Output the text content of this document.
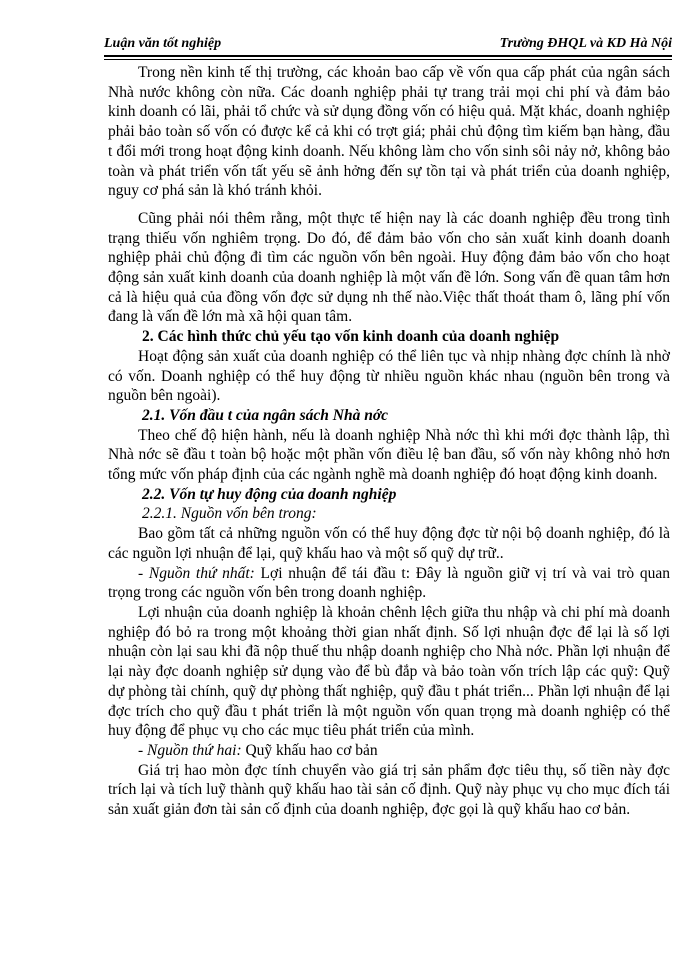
Luận văn tốt nghiệp	Trường ĐHQL và KD Hà Nội

Trong nền kinh tế thị trường, các khoản bao cấp về vốn qua cấp phát của ngân sách Nhà nước không còn nữa. Các doanh nghiệp phải tự trang trải mọi chi phí và đảm bảo kinh doanh có lãi, phải tổ chức và sử dụng đồng vốn có hiệu quả. Mặt khác, doanh nghiệp phải bảo toàn số vốn có được kể cả khi có trợt giá; phải chủ động tìm kiếm bạn hàng, đầu t đổi mới trong hoạt động kinh doanh. Nếu không làm cho vốn sinh sôi nảy nở, không bảo toàn và phát triển vốn tất yếu sẽ ảnh hởng đến sự tồn tại và phát triển của doanh nghiệp, nguy cơ phá sản là khó tránh khỏi.

Cũng phải nói thêm rằng, một thực tế hiện nay là các doanh nghiệp đều trong tình trạng thiếu vốn nghiêm trọng. Do đó, để đảm bảo vốn cho sản xuất kinh doanh doanh nghiệp phải chủ động đi tìm các nguồn vốn bên ngoài. Huy động đảm bảo vốn cho hoạt động sản xuất kinh doanh của doanh nghiệp là một vấn đề lớn. Song vấn đề quan tâm hơn cả là hiệu quả của đồng vốn đợc sử dụng nh thế nào.Việc thất thoát tham ô, lãng phí vốn đang là vấn đề lớn mà xã hội quan tâm.

2. Các hình thức chủ yếu tạo vốn kinh doanh của doanh nghiệp

Hoạt động sản xuất của doanh nghiệp có thể liên tục và nhịp nhàng đợc chính là nhờ có vốn. Doanh nghiệp có thể huy động từ nhiều nguồn khác nhau (nguồn bên trong và nguồn bên ngoài).

2.1. Vốn đầu t của ngân sách Nhà nớc

Theo chế độ hiện hành, nếu là doanh nghiệp Nhà nớc thì khi mới đợc thành lập, thì Nhà nớc sẽ đầu t toàn bộ hoặc một phần vốn điều lệ ban đầu, số vốn này không nhỏ hơn tổng mức vốn pháp định của các ngành nghề mà doanh nghiệp đó hoạt động kinh doanh.

2.2. Vốn tự huy động của doanh nghiệp

2.2.1. Nguồn vốn bên trong:

Bao gồm tất cả những nguồn vốn có thể huy động đợc từ nội bộ doanh nghiệp, đó là các nguồn lợi nhuận để lại, quỹ khấu hao và một số quỹ dự trữ..

- Nguồn thứ nhất: Lợi nhuận để tái đầu t: Đây là nguồn giữ vị trí và vai trò quan trọng trong các nguồn vốn bên trong doanh nghiệp.

Lợi nhuận của doanh nghiệp là khoản chênh lệch giữa thu nhập và chi phí mà doanh nghiệp đó bỏ ra trong một khoảng thời gian nhất định. Số lợi nhuận đợc để lại là số lợi nhuận còn lại sau khi đã nộp thuế thu nhập doanh nghiệp cho Nhà nớc. Phần lợi nhuận để lại này đợc doanh nghiệp sử dụng vào để bù đắp và bảo toàn vốn trích lập các quỹ: Quỹ dự phòng tài chính, quỹ dự phòng thất nghiệp, quỹ đầu t phát triển... Phần lợi nhuận để lại đợc trích cho quỹ đầu t phát triển là một nguồn vốn quan trọng mà doanh nghiệp có thể huy động để phục vụ cho các mục tiêu phát triển của mình.

- Nguồn thứ hai: Quỹ khấu hao cơ bản

Giá trị hao mòn đợc tính chuyển vào giá trị sản phẩm đợc tiêu thụ, số tiền này đợc trích lại và tích luỹ thành quỹ khấu hao tài sản cố định. Quỹ này phục vụ cho mục đích tái sản xuất giản đơn tài sản cố định của doanh nghiệp, đợc gọi là quỹ khấu hao cơ bản.
